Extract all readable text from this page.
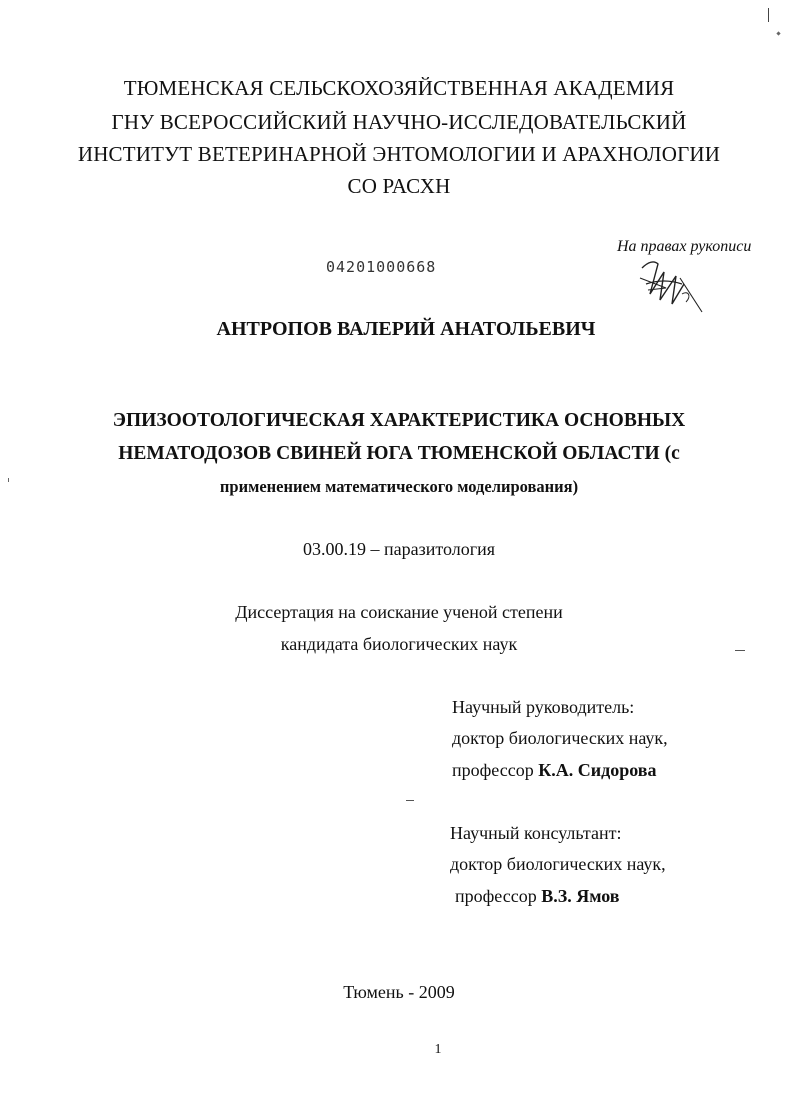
ТЮМЕНСКАЯ СЕЛЬСКОХОЗЯЙСТВЕННАЯ АКАДЕМИЯ
ГНУ ВСЕРОССИЙСКИЙ НАУЧНО-ИССЛЕДОВАТЕЛЬСКИЙ
ИНСТИТУТ ВЕТЕРИНАРНОЙ ЭНТОМОЛОГИИ И АРАХНОЛОГИИ
СО РАСХН
04201000668
На правах рукописи
АНТРОПОВ ВАЛЕРИЙ АНАТОЛЬЕВИЧ
ЭПИЗООТОЛОГИЧЕСКАЯ ХАРАКТЕРИСТИКА ОСНОВНЫХ
НЕМАТОДОЗОВ СВИНЕЙ ЮГА ТЮМЕНСКОЙ ОБЛАСТИ (с
применением математического моделирования)
03.00.19 – паразитология
Диссертация на соискание ученой степени
кандидата биологических наук
Научный руководитель:
доктор биологических наук,
профессор К.А. Сидорова
Научный консультант:
доктор биологических наук,
профессор В.З. Ямов
Тюмень - 2009
1
